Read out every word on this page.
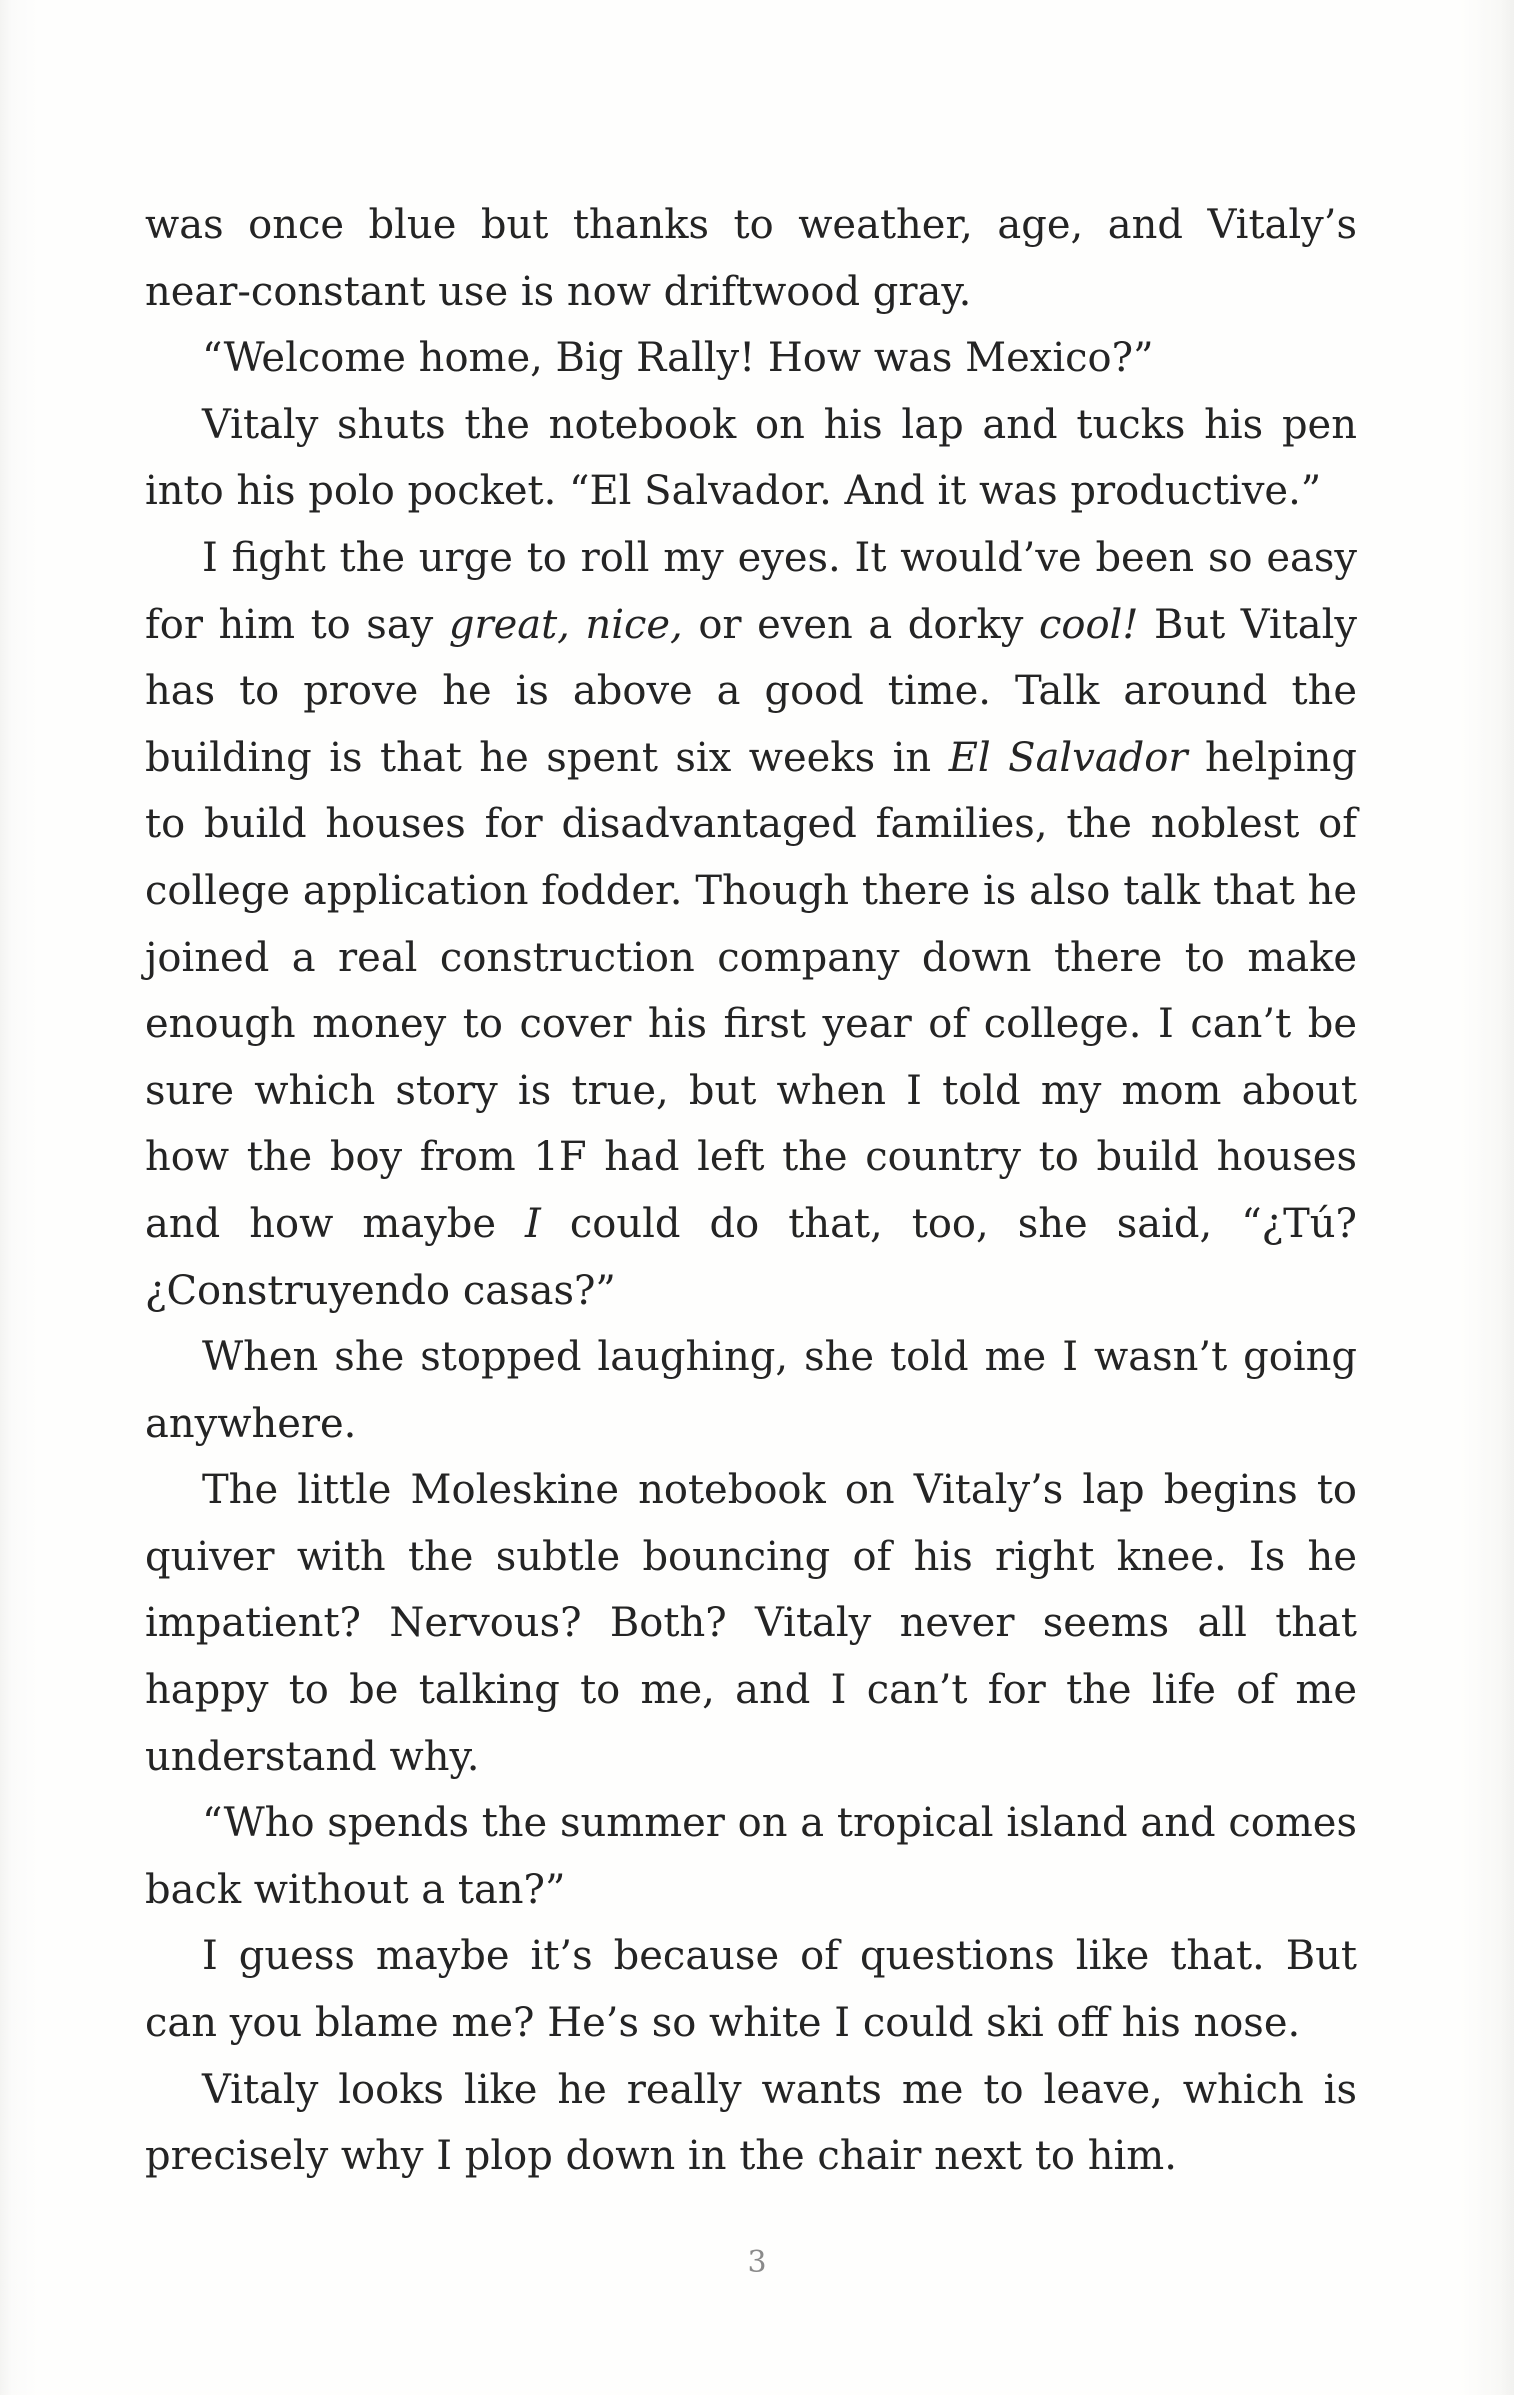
was once blue but thanks to weather, age, and Vitaly’s near-constant use is now driftwood gray.

“Welcome home, Big Rally! How was Mexico?”

Vitaly shuts the notebook on his lap and tucks his pen into his polo pocket. “El Salvador. And it was productive.”

I fight the urge to roll my eyes. It would’ve been so easy for him to say great, nice, or even a dorky cool! But Vitaly has to prove he is above a good time. Talk around the building is that he spent six weeks in El Salvador helping to build houses for disadvantaged families, the noblest of college application fodder. Though there is also talk that he joined a real construction company down there to make enough money to cover his first year of college. I can’t be sure which story is true, but when I told my mom about how the boy from 1F had left the country to build houses and how maybe I could do that, too, she said, “¿Tú? ¿Construyendo casas?”

When she stopped laughing, she told me I wasn’t going anywhere.

The little Moleskine notebook on Vitaly’s lap begins to quiver with the subtle bouncing of his right knee. Is he impatient? Nervous? Both? Vitaly never seems all that happy to be talking to me, and I can’t for the life of me understand why.

“Who spends the summer on a tropical island and comes back without a tan?”

I guess maybe it’s because of questions like that. But can you blame me? He’s so white I could ski off his nose.

Vitaly looks like he really wants me to leave, which is precisely why I plop down in the chair next to him.

3
